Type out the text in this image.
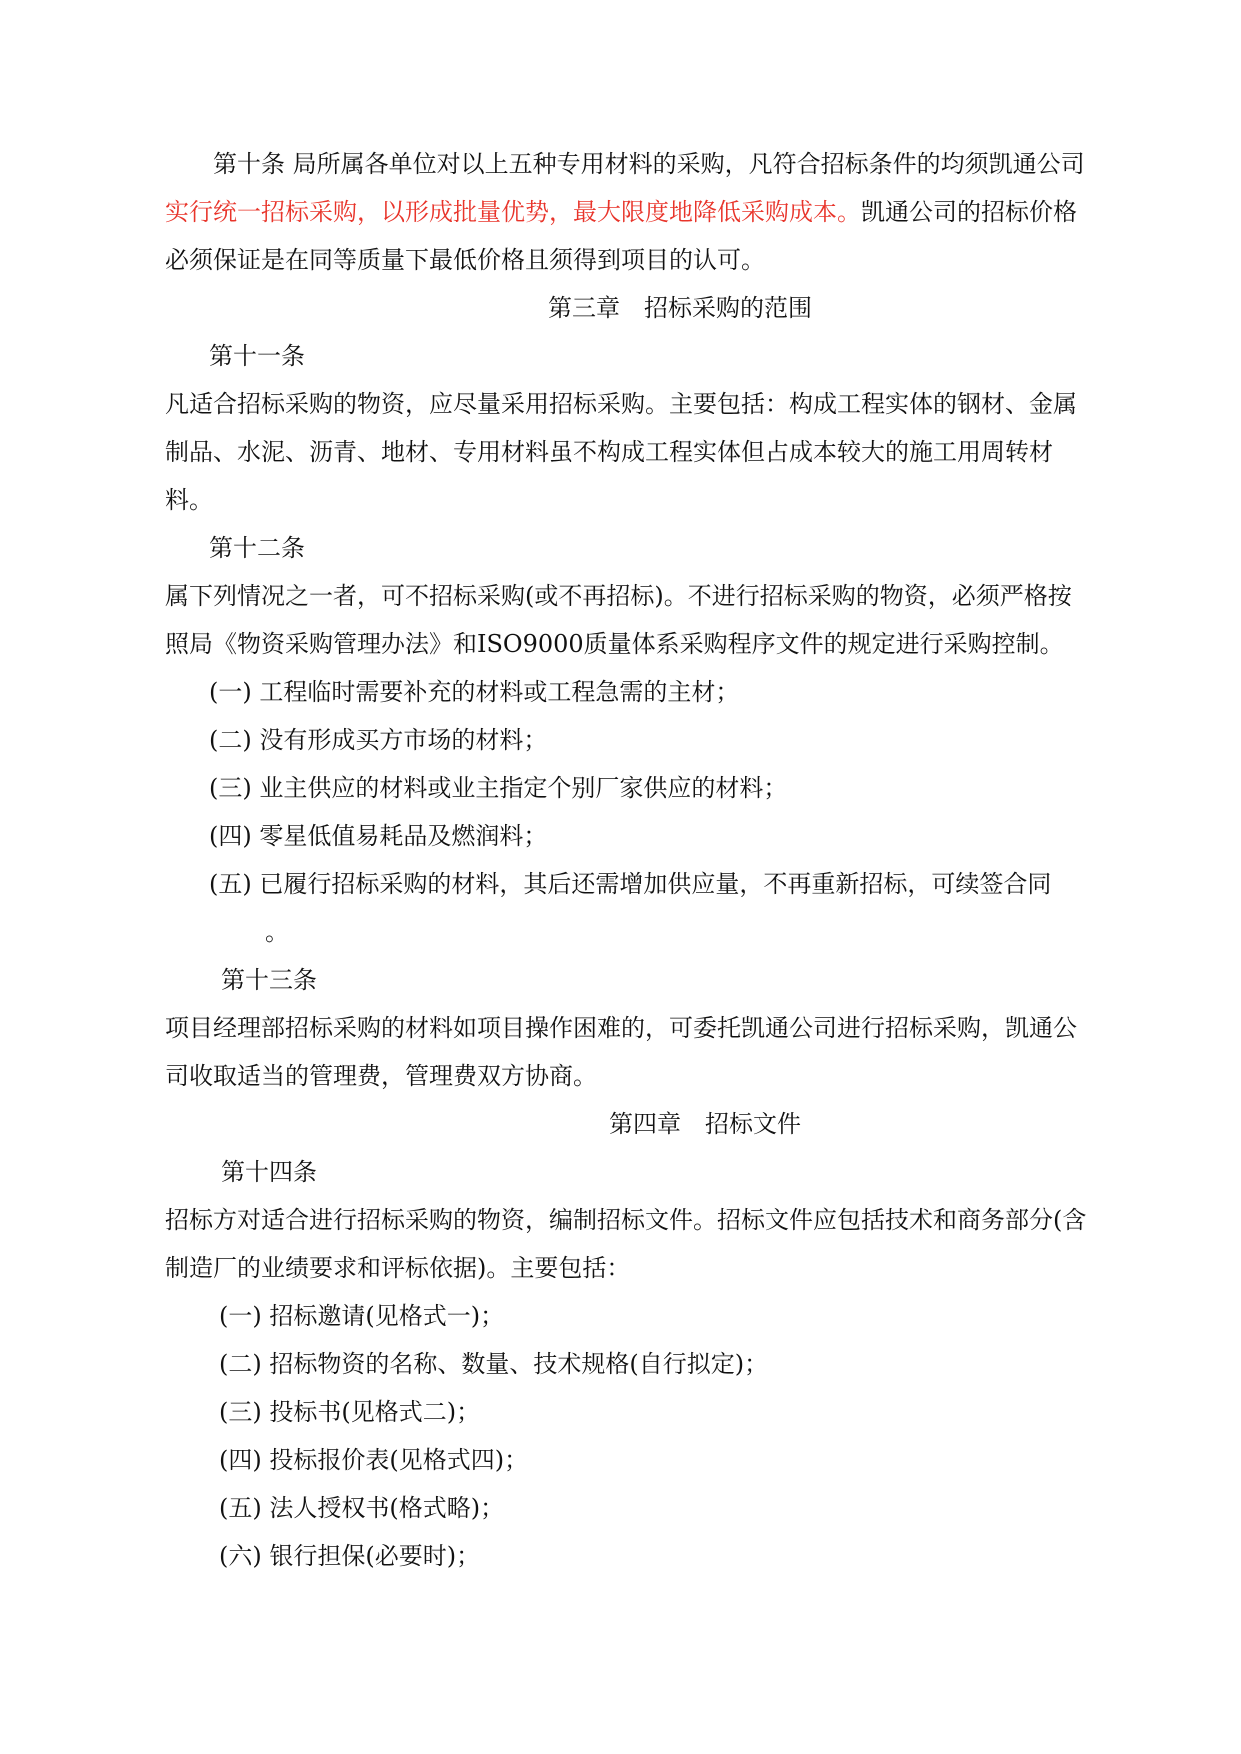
第十条 局所属各单位对以上五种专用材料的采购，凡符合招标条件的均须凯通公司实行统一招标采购，以形成批量优势，最大限度地降低采购成本。凯通公司的招标价格必须保证是在同等质量下最低价格且须得到项目的认可。

第三章　招标采购的范围

第十一条

凡适合招标采购的物资，应尽量采用招标采购。主要包括：构成工程实体的钢材、金属制品、水泥、沥青、地材、专用材料虽不构成工程实体但占成本较大的施工用周转材料。

第十二条

属下列情况之一者，可不招标采购(或不再招标)。不进行招标采购的物资，必须严格按照局《物资采购管理办法》和ISO9000质量体系采购程序文件的规定进行采购控制。

(一) 工程临时需要补充的材料或工程急需的主材；

(二) 没有形成买方市场的材料；

(三) 业主供应的材料或业主指定个别厂家供应的材料；

(四) 零星低值易耗品及燃润料；

(五) 已履行招标采购的材料，其后还需增加供应量，不再重新招标，可续签合同

。

第十三条

项目经理部招标采购的材料如项目操作困难的，可委托凯通公司进行招标采购，凯通公司收取适当的管理费，管理费双方协商。

第四章　招标文件

第十四条

招标方对适合进行招标采购的物资，编制招标文件。招标文件应包括技术和商务部分(含制造厂的业绩要求和评标依据)。主要包括：

(一) 招标邀请(见格式一)；

(二) 招标物资的名称、数量、技术规格(自行拟定)；

(三) 投标书(见格式二)；

(四) 投标报价表(见格式四)；

(五) 法人授权书(格式略)；

(六) 银行担保(必要时)；
